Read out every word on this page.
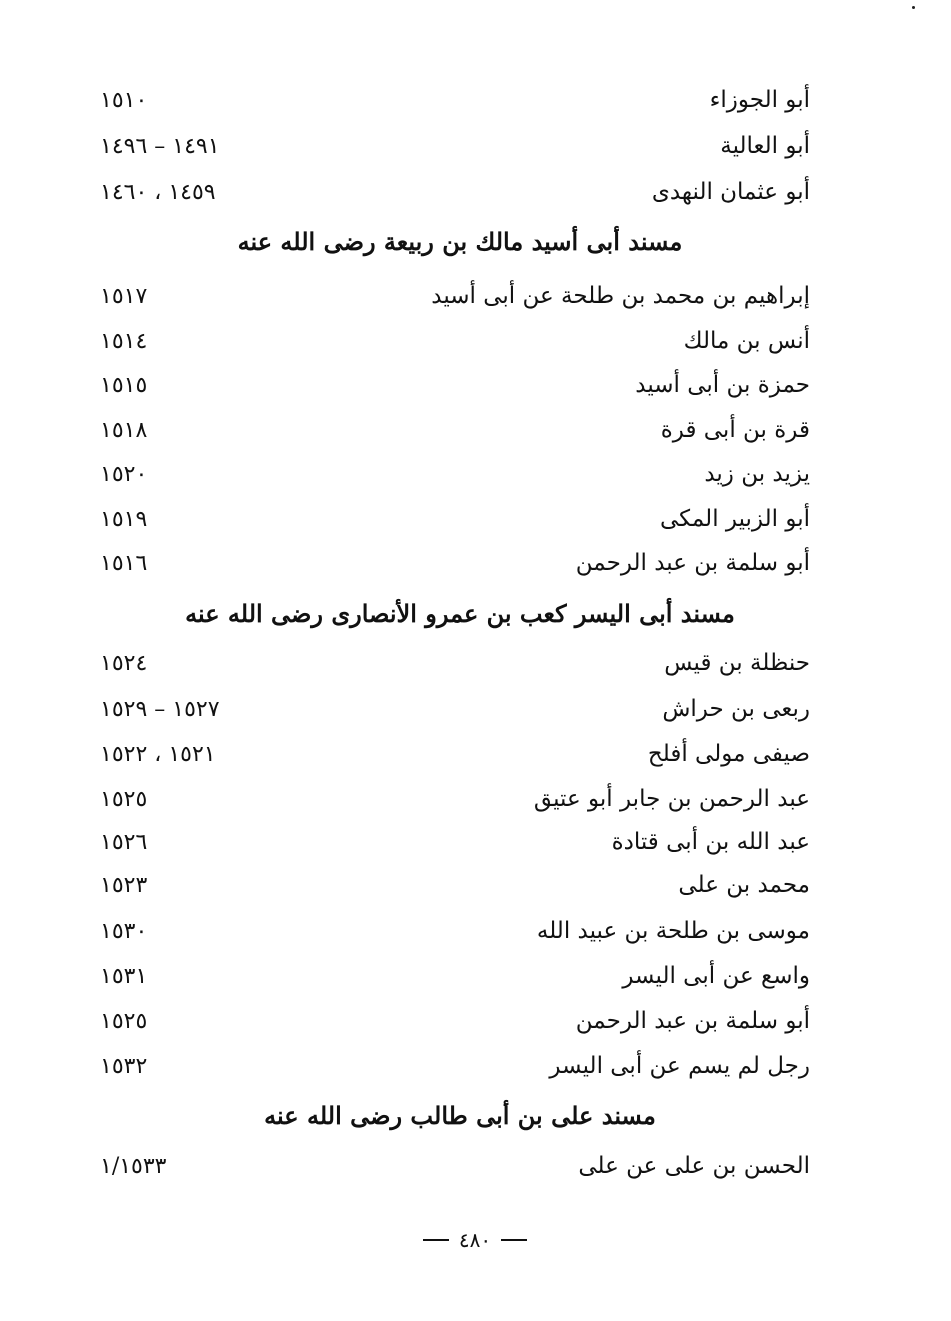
١٥١٠	أبو الجوزاء
١٤٩١ – ١٤٩٦	أبو العالية
١٤٥٩ ، ١٤٦٠	أبو عثمان النهدى
مسند أبى أسيد مالك بن ربيعة رضى الله عنه
١٥١٧	إبراهيم بن محمد بن طلحة عن أبى أسيد
١٥١٤	أنس بن مالك
١٥١٥	حمزة بن أبى أسيد
١٥١٨	قرة بن أبى قرة
١٥٢٠	يزيد بن زيد
١٥١٩	أبو الزبير المكى
١٥١٦	أبو سلمة بن عبد الرحمن
مسند أبى اليسر كعب بن عمرو الأنصارى رضى الله عنه
١٥٢٤	حنظلة بن قيس
١٥٢٧ – ١٥٢٩	ربعى بن حراش
١٥٢١ ، ١٥٢٢	صيفى مولى أفلح
١٥٢٥	عبد الرحمن بن جابر أبو عتيق
١٥٢٦	عبد الله بن أبى قتادة
١٥٢٣	محمد بن على
١٥٣٠	موسى بن طلحة بن عبيد الله
١٥٣١	واسع عن أبى اليسر
١٥٢٥	أبو سلمة بن عبد الرحمن
١٥٣٢	رجل لم يسم عن أبى اليسر
مسند على بن أبى طالب رضى الله عنه
١/١٥٣٣	الحسن بن على عن على
٤٨٠
